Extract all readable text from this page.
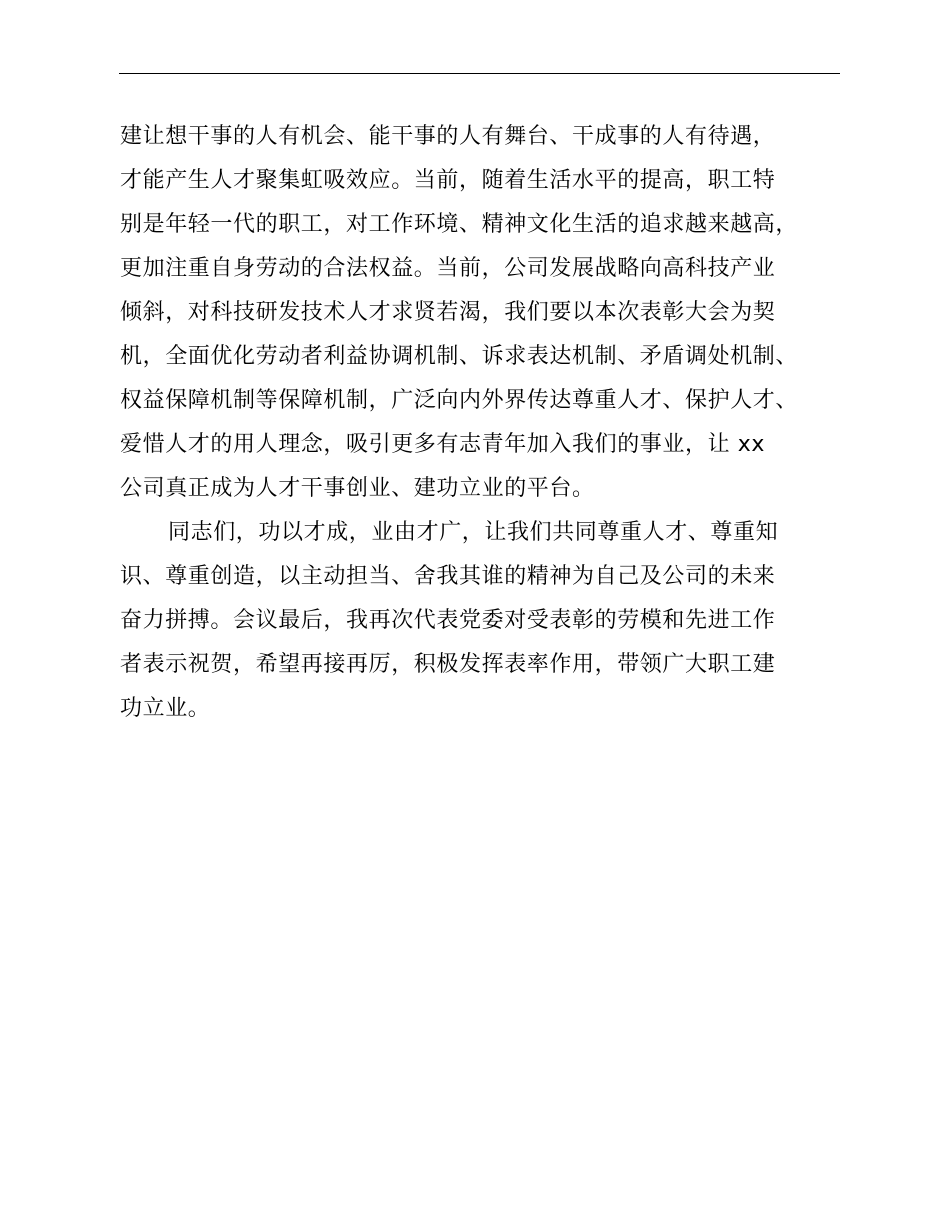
建让想干事的人有机会、能干事的人有舞台、干成事的人有待遇，
才能产生人才聚集虹吸效应。当前，随着生活水平的提高，职工特
别是年轻一代的职工，对工作环境、精神文化生活的追求越来越高，
更加注重自身劳动的合法权益。当前，公司发展战略向高科技产业
倾斜，对科技研发技术人才求贤若渴，我们要以本次表彰大会为契
机，全面优化劳动者利益协调机制、诉求表达机制、矛盾调处机制、
权益保障机制等保障机制，广泛向内外界传达尊重人才、保护人才、
爱惜人才的用人理念，吸引更多有志青年加入我们的事业，让 xx
公司真正成为人才干事创业、建功立业的平台。
同志们，功以才成，业由才广，让我们共同尊重人才、尊重知
识、尊重创造，以主动担当、舍我其谁的精神为自己及公司的未来
奋力拼搏。会议最后，我再次代表党委对受表彰的劳模和先进工作
者表示祝贺，希望再接再厉，积极发挥表率作用，带领广大职工建
功立业。
